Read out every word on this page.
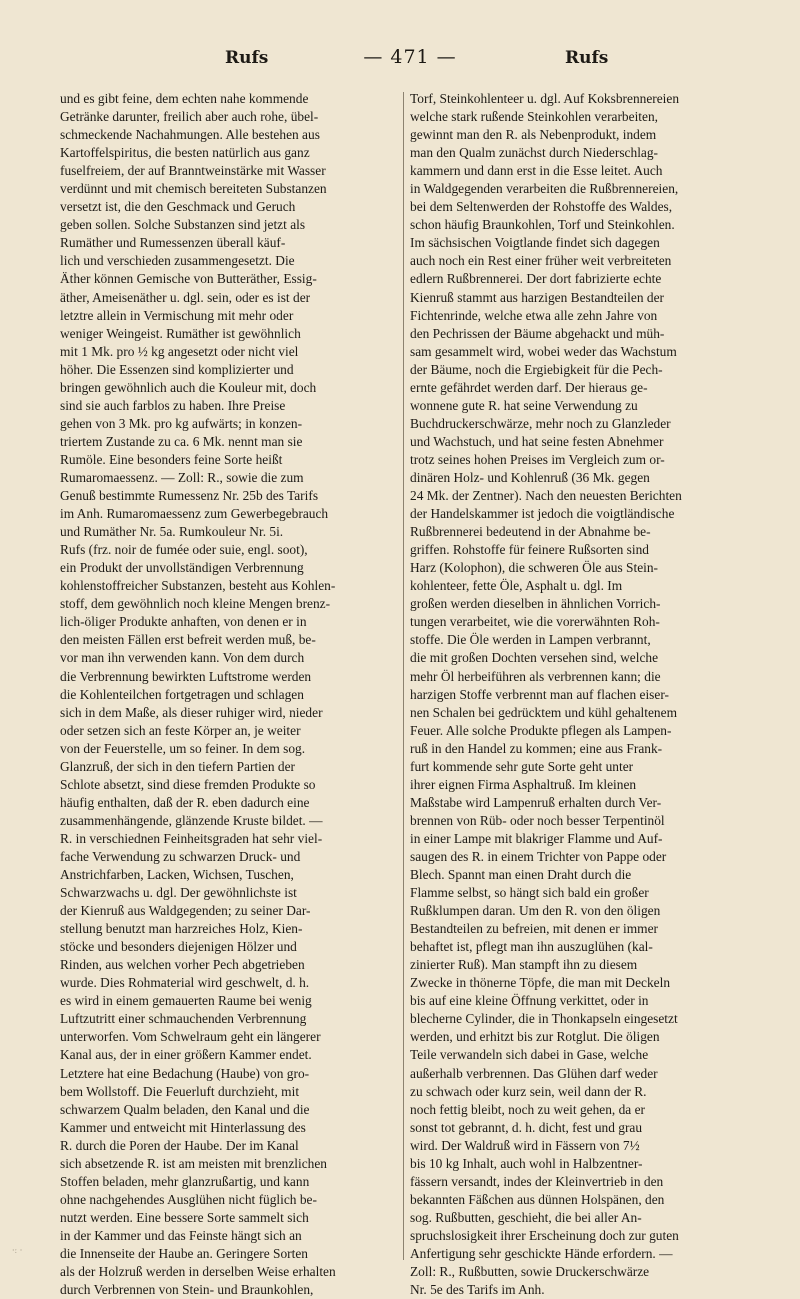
Rufs	— 471 —	Rufs
und es gibt feine, dem echten nahe kommende
Getränke darunter, freilich aber auch rohe, übel-
schmeckende Nachahmungen. Alle bestehen aus
Kartoffelspiritus, die besten natürlich aus ganz
fuselfreiem, der auf Branntweinstärke mit Wasser
verdünnt und mit chemisch bereiteten Substanzen
versetzt ist, die den Geschmack und Geruch
geben sollen. Solche Substanzen sind jetzt als
Rumäther und Rumessenzen überall käuf-
lich und verschieden zusammengesetzt. Die
Äther können Gemische von Butteräther, Essig-
äther, Ameisenäther u. dgl. sein, oder es ist der
letztre allein in Vermischung mit mehr oder
weniger Weingeist. Rumäther ist gewöhnlich
mit 1 Mk. pro ½ kg angesetzt oder nicht viel
höher. Die Essenzen sind komplizierter und
bringen gewöhnlich auch die Kouleur mit, doch
sind sie auch farblos zu haben. Ihre Preise
gehen von 3 Mk. pro kg aufwärts; in konzen-
triertem Zustande zu ca. 6 Mk. nennt man sie
Rumöle. Eine besonders feine Sorte heißt
Rumaromaessenz. — Zoll: R., sowie die zum
Genuß bestimmte Rumessenz Nr. 25b des Tarifs
im Anh. Rumaromaessenz zum Gewerbegebrauch
und Rumäther Nr. 5a. Rumkouleur Nr. 5i.
Rufs (frz. noir de fumée oder suie, engl. soot),
ein Produkt der unvollständigen Verbrennung
kohlenstoffreicher Substanzen, besteht aus Kohlen-
stoff, dem gewöhnlich noch kleine Mengen brenz-
lich-öliger Produkte anhaften, von denen er in
den meisten Fällen erst befreit werden muß, be-
vor man ihn verwenden kann. Von dem durch
die Verbrennung bewirkten Luftstrome werden
die Kohlenteilchen fortgetragen und schlagen
sich in dem Maße, als dieser ruhiger wird, nieder
oder setzen sich an feste Körper an, je weiter
von der Feuerstelle, um so feiner. In dem sog.
Glanzruß, der sich in den tiefern Partien der
Schlote absetzt, sind diese fremden Produkte so
häufig enthalten, daß der R. eben dadurch eine
zusammenhängende, glänzende Kruste bildet. —
R. in verschiednen Feinheitsgraden hat sehr viel-
fache Verwendung zu schwarzen Druck- und
Anstrichfarben, Lacken, Wichsen, Tuschen,
Schwarzwachs u. dgl. Der gewöhnlichste ist
der Kienruß aus Waldgegenden; zu seiner Dar-
stellung benutzt man harzreiches Holz, Kien-
stöcke und besonders diejenigen Hölzer und
Rinden, aus welchen vorher Pech abgetrieben
wurde. Dies Rohmaterial wird geschwelt, d. h.
es wird in einem gemauerten Raume bei wenig
Luftzutritt einer schmauchenden Verbrennung
unterworfen. Vom Schwelraum geht ein längerer
Kanal aus, der in einer größern Kammer endet.
Letztere hat eine Bedachung (Haube) von gro-
bem Wollstoff. Die Feuerluft durchzieht, mit
schwarzem Qualm beladen, den Kanal und die
Kammer und entweicht mit Hinterlassung des
R. durch die Poren der Haube. Der im Kanal
sich absetzende R. ist am meisten mit brenzlichen
Stoffen beladen, mehr glanzrußartig, und kann
ohne nachgehendes Ausglühen nicht füglich be-
nutzt werden. Eine bessere Sorte sammelt sich
in der Kammer und das Feinste hängt sich an
die Innenseite der Haube an. Geringere Sorten
als der Holzruß werden in derselben Weise erhalten
durch Verbrennen von Stein- und Braunkohlen,
Torf, Steinkohlenteer u. dgl. Auf Koksbrennereien
welche stark rußende Steinkohlen verarbeiten,
gewinnt man den R. als Nebenprodukt, indem
man den Qualm zunächst durch Niederschlag-
kammern und dann erst in die Esse leitet. Auch
in Waldgegenden verarbeiten die Rußbrennereien,
bei dem Seltenwerden der Rohstoffe des Waldes,
schon häufig Braunkohlen, Torf und Steinkohlen.
Im sächsischen Voigtlande findet sich dagegen
auch noch ein Rest einer früher weit verbreiteten
edlern Rußbrennerei. Der dort fabrizierte echte
Kienruß stammt aus harzigen Bestandteilen der
Fichtenrinde, welche etwa alle zehn Jahre von
den Pechrissen der Bäume abgehackt und müh-
sam gesammelt wird, wobei weder das Wachstum
der Bäume, noch die Ergiebigkeit für die Pech-
ernte gefährdet werden darf. Der hieraus ge-
wonnene gute R. hat seine Verwendung zu
Buchdruckerschwärze, mehr noch zu Glanzleder
und Wachstuch, und hat seine festen Abnehmer
trotz seines hohen Preises im Vergleich zum or-
dinären Holz- und Kohlenruß (36 Mk. gegen
24 Mk. der Zentner). Nach den neuesten Berichten
der Handelskammer ist jedoch die voigtländische
Rußbrennerei bedeutend in der Abnahme be-
griffen. Rohstoffe für feinere Rußsorten sind
Harz (Kolophon), die schweren Öle aus Stein-
kohlenteer, fette Öle, Asphalt u. dgl. Im
großen werden dieselben in ähnlichen Vorrich-
tungen verarbeitet, wie die vorerwähnten Roh-
stoffe. Die Öle werden in Lampen verbrannt,
die mit großen Dochten versehen sind, welche
mehr Öl herbeiführen als verbrennen kann; die
harzigen Stoffe verbrennt man auf flachen eiser-
nen Schalen bei gedrücktem und kühl gehaltenem
Feuer. Alle solche Produkte pflegen als Lampen-
ruß in den Handel zu kommen; eine aus Frank-
furt kommende sehr gute Sorte geht unter
ihrer eignen Firma Asphaltruß. Im kleinen
Maßstabe wird Lampenruß erhalten durch Ver-
brennen von Rüb- oder noch besser Terpentinöl
in einer Lampe mit blakriger Flamme und Auf-
saugen des R. in einem Trichter von Pappe oder
Blech. Spannt man einen Draht durch die
Flamme selbst, so hängt sich bald ein großer
Rußklumpen daran. Um den R. von den öligen
Bestandteilen zu befreien, mit denen er immer
behaftet ist, pflegt man ihn auszuglühen (kal-
zinierter Ruß). Man stampft ihn zu diesem
Zwecke in thönerne Töpfe, die man mit Deckeln
bis auf eine kleine Öffnung verkittet, oder in
blecherne Cylinder, die in Thonkapseln eingesetzt
werden, und erhitzt bis zur Rotglut. Die öligen
Teile verwandeln sich dabei in Gase, welche
außerhalb verbrennen. Das Glühen darf weder
zu schwach oder kurz sein, weil dann der R.
noch fettig bleibt, noch zu weit gehen, da er
sonst tot gebrannt, d. h. dicht, fest und grau
wird. Der Waldruß wird in Fässern von 7½
bis 10 kg Inhalt, auch wohl in Halbzentner-
fässern versandt, indes der Kleinvertrieb in den
bekannten Fäßchen aus dünnen Holspänen, den
sog. Rußbutten, geschieht, die bei aller An-
spruchslosigkeit ihrer Erscheinung doch zur guten
Anfertigung sehr geschickte Hände erfordern. —
Zoll: R., Rußbutten, sowie Druckerschwärze
Nr. 5e des Tarifs im Anh.
·ː ·
